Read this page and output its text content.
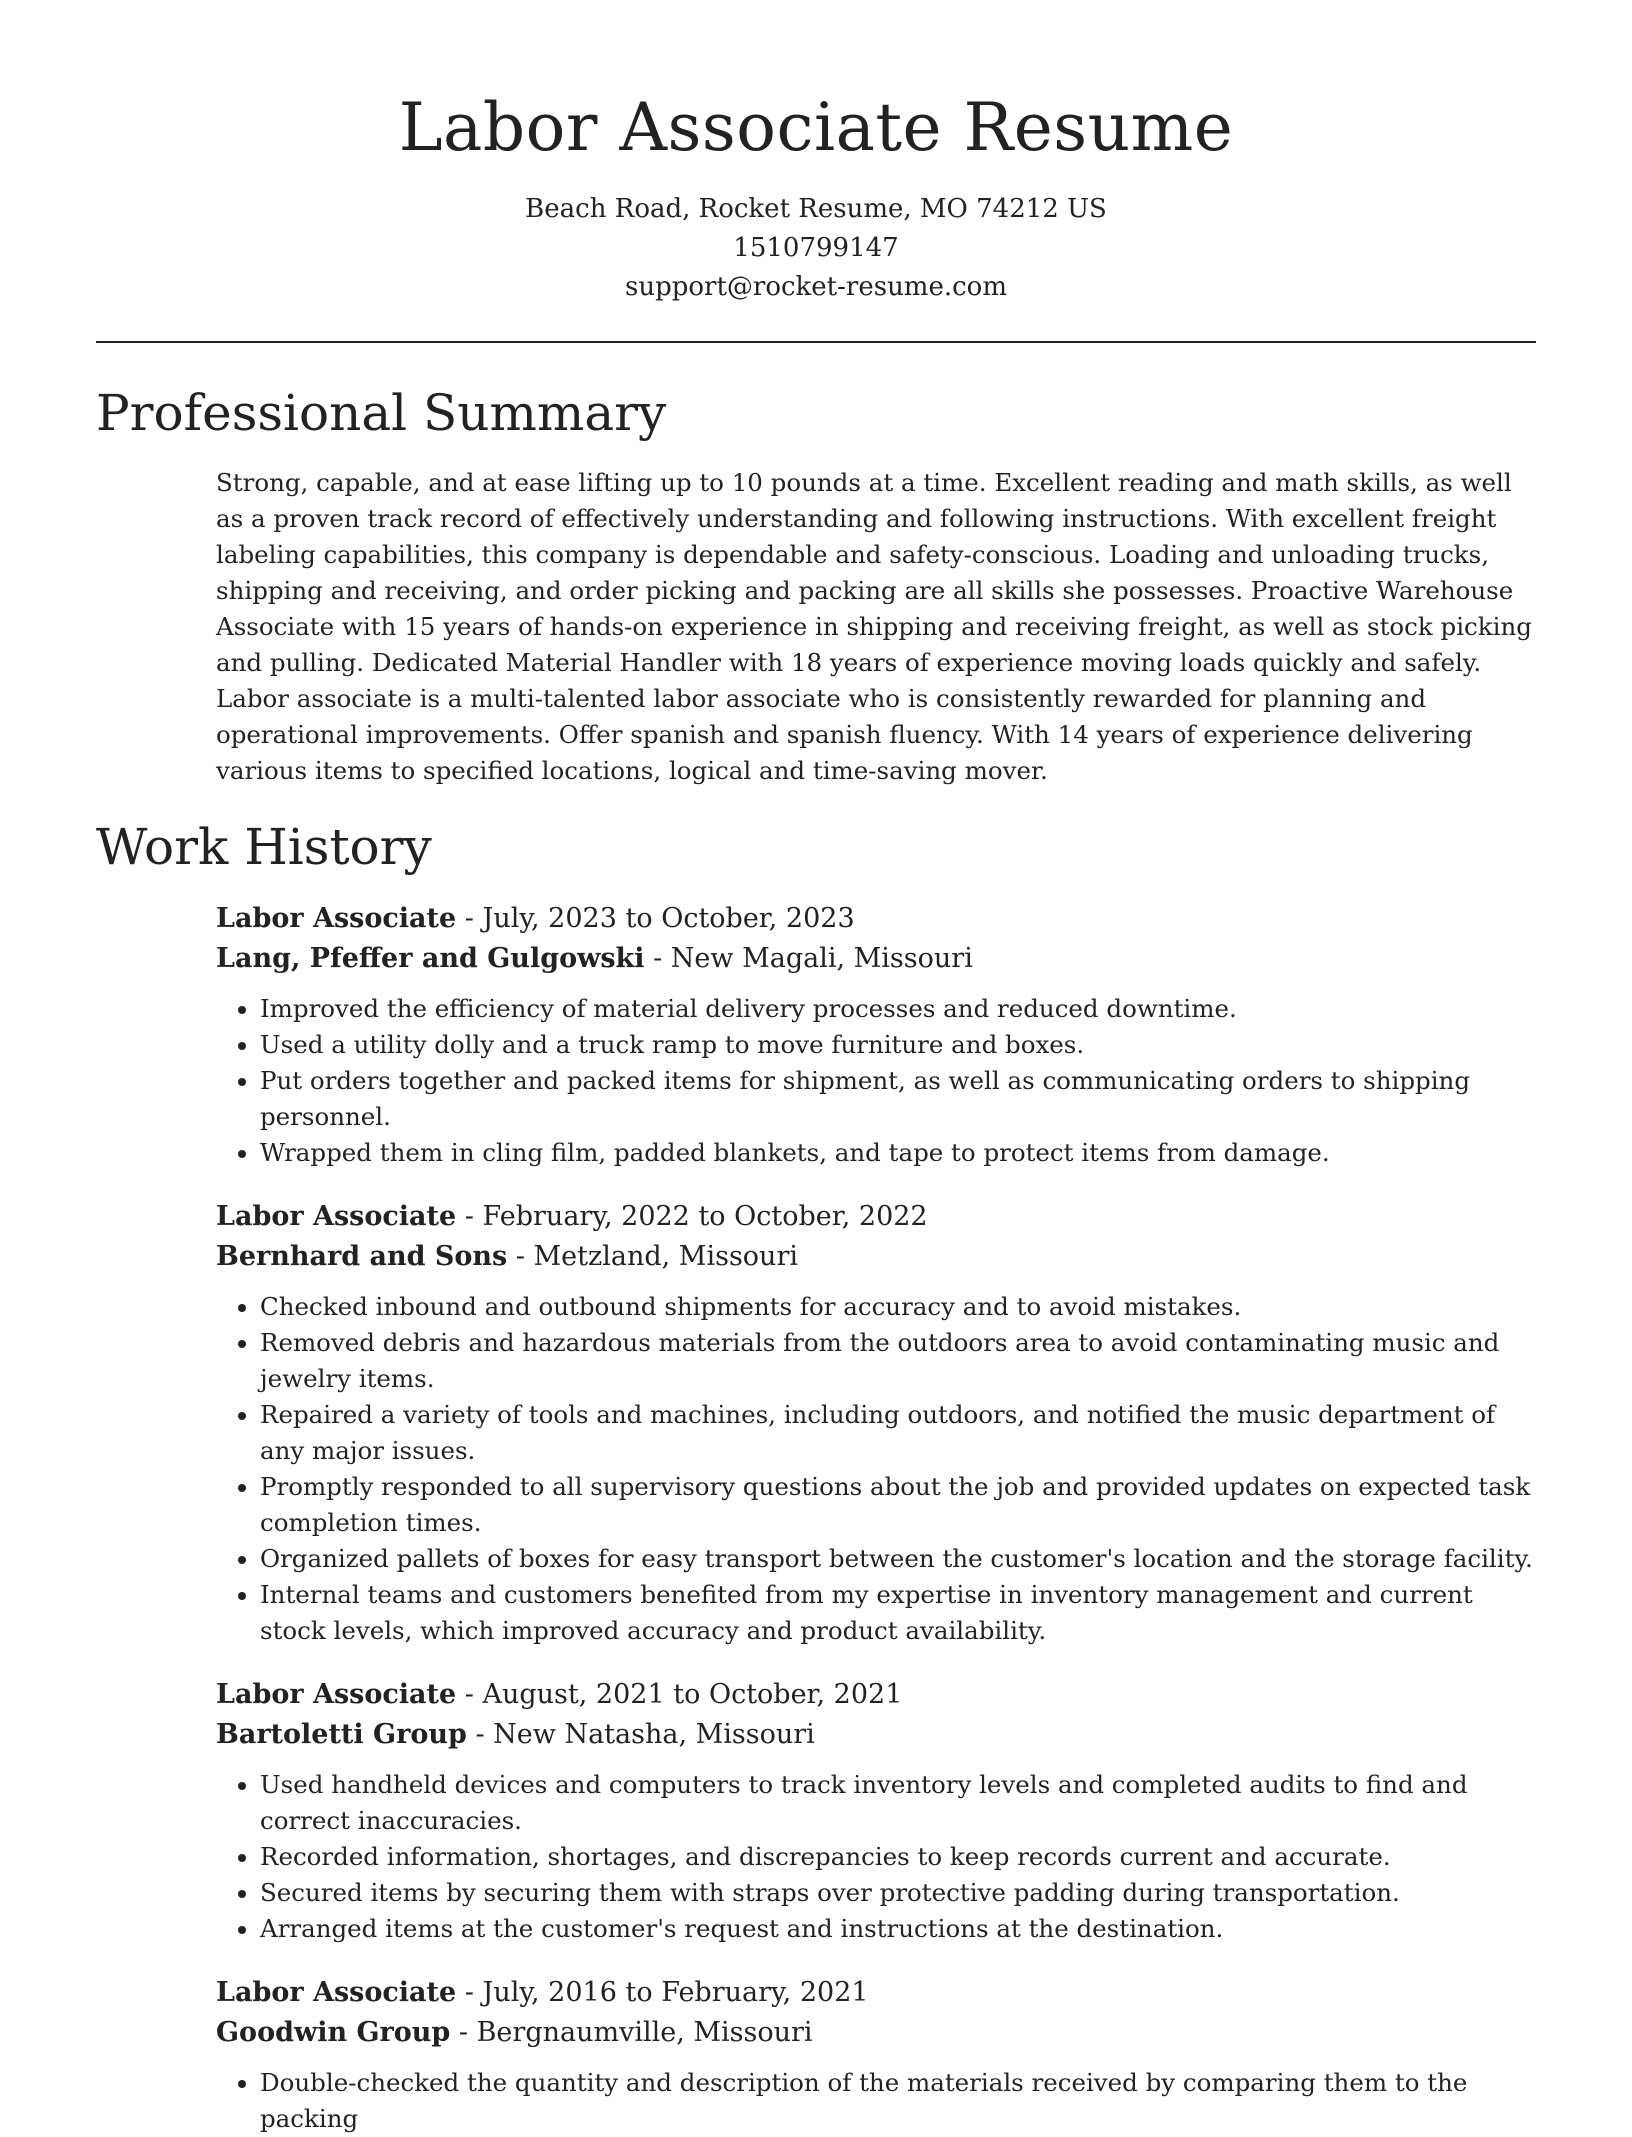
Labor Associate Resume
Beach Road, Rocket Resume, MO 74212 US
1510799147
support@rocket-resume.com
Professional Summary

Strong, capable, and at ease lifting up to 10 pounds at a time. Excellent reading and math skills, as well as a proven track record of effectively understanding and following instructions. With excellent freight labeling capabilities, this company is dependable and safety-conscious. Loading and unloading trucks, shipping and receiving, and order picking and packing are all skills she possesses. Proactive Warehouse Associate with 15 years of hands-on experience in shipping and receiving freight, as well as stock picking and pulling. Dedicated Material Handler with 18 years of experience moving loads quickly and safely. Labor associate is a multi-talented labor associate who is consistently rewarded for planning and operational improvements. Offer spanish and spanish fluency. With 14 years of experience delivering various items to specified locations, logical and time-saving mover.

Work History
Labor Associate - July, 2023 to October, 2023
Lang, Pfeffer and Gulgowski - New Magali, Missouri
• Improved the efficiency of material delivery processes and reduced downtime.
• Used a utility dolly and a truck ramp to move furniture and boxes.
• Put orders together and packed items for shipment, as well as communicating orders to shipping personnel.
• Wrapped them in cling film, padded blankets, and tape to protect items from damage.
Labor Associate - February, 2022 to October, 2022
Bernhard and Sons - Metzland, Missouri
• Checked inbound and outbound shipments for accuracy and to avoid mistakes.
• Removed debris and hazardous materials from the outdoors area to avoid contaminating music and jewelry items.
• Repaired a variety of tools and machines, including outdoors, and notified the music department of any major issues.
• Promptly responded to all supervisory questions about the job and provided updates on expected task completion times.
• Organized pallets of boxes for easy transport between the customer's location and the storage facility.
• Internal teams and customers benefited from my expertise in inventory management and current stock levels, which improved accuracy and product availability.
Labor Associate - August, 2021 to October, 2021
Bartoletti Group - New Natasha, Missouri
• Used handheld devices and computers to track inventory levels and completed audits to find and correct inaccuracies.
• Recorded information, shortages, and discrepancies to keep records current and accurate.
• Secured items by securing them with straps over protective padding during transportation.
• Arranged items at the customer's request and instructions at the destination.
Labor Associate - July, 2016 to February, 2021
Goodwin Group - Bergnaumville, Missouri
• Double-checked the quantity and description of the materials received by comparing them to the packing
